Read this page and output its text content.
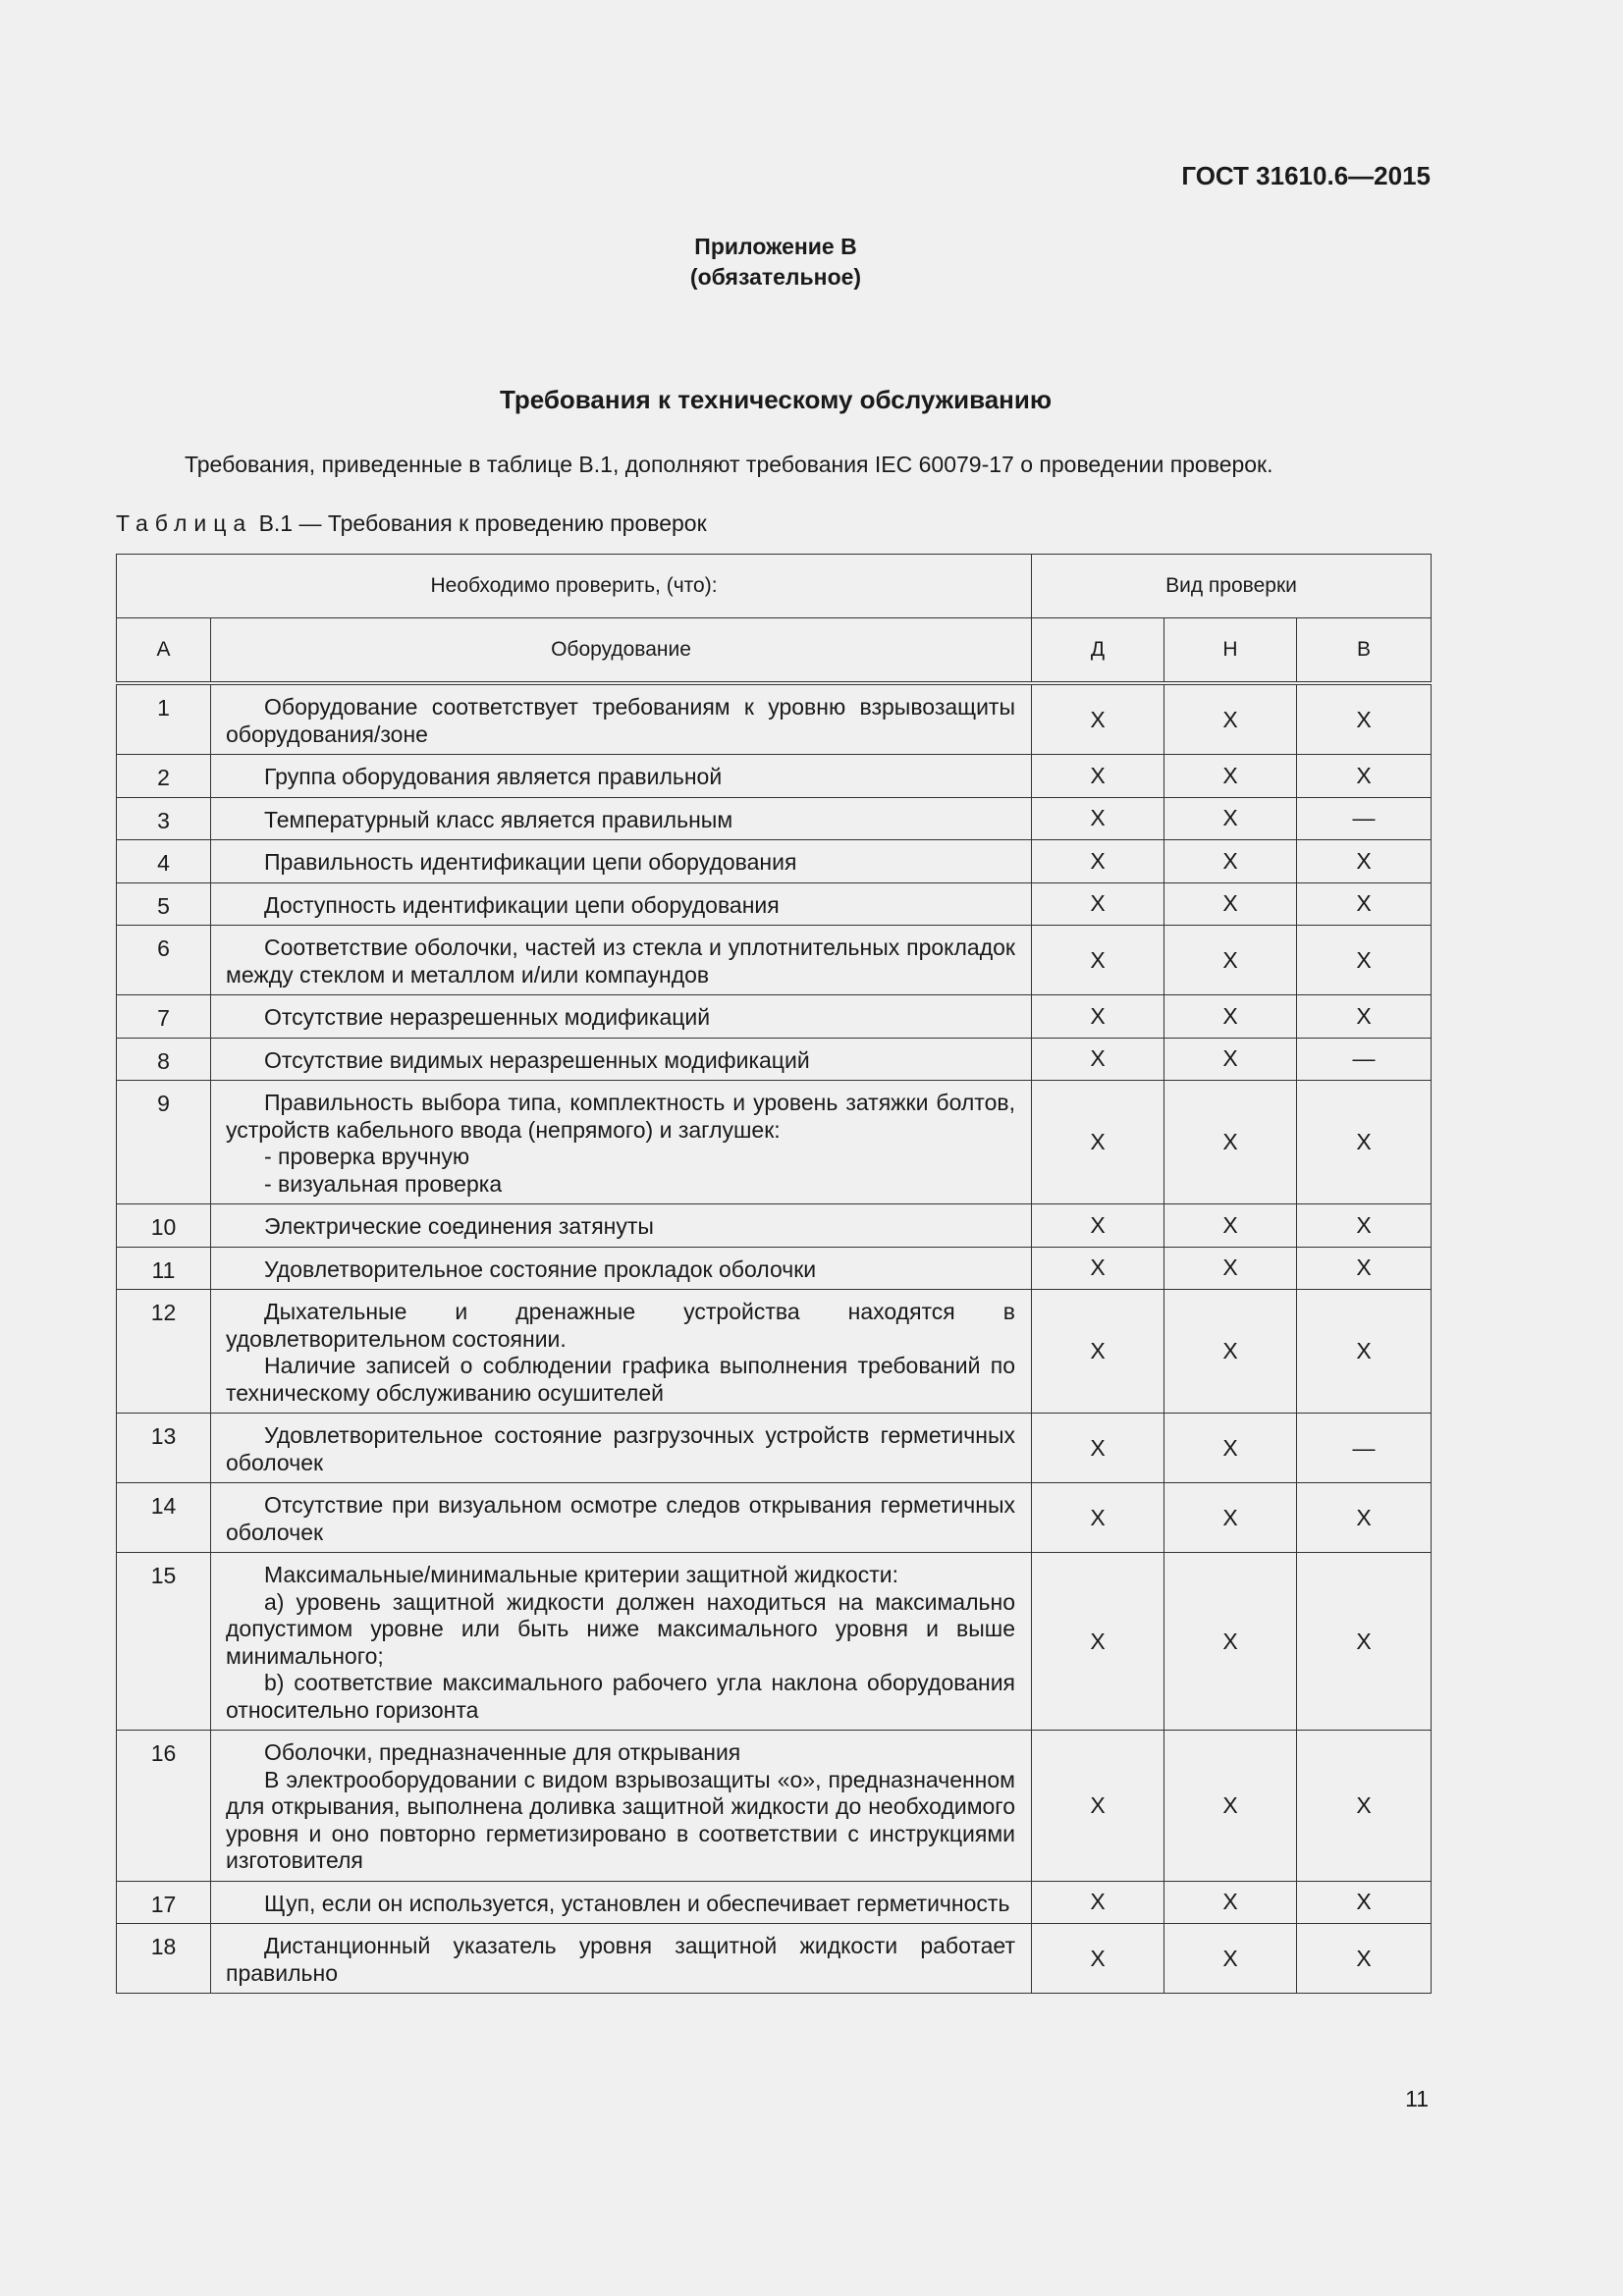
ГОСТ 31610.6—2015
Приложение В
(обязательное)
Требования к техническому обслуживанию
Требования, приведенные в таблице В.1, дополняют требования IEC 60079-17 о проведении проверок.
Таблица В.1 — Требования к проведению проверок
Необходимо проверить, (что):		Вид проверки		
А	Оборудование	Д	Н	В
1	Оборудование соответствует требованиям к уровню взрывозащиты оборудования/зоне	X	X	X
2	Группа оборудования является правильной	X	X	X
3	Температурный класс является правильным	X	X	—
4	Правильность идентификации цепи оборудования	X	X	X
5	Доступность идентификации цепи оборудования	X	X	X
6	Соответствие оболочки, частей из стекла и уплотнительных прокладок между стеклом и металлом и/или компаундов	X	X	X
7	Отсутствие неразрешенных модификаций	X	X	X
8	Отсутствие видимых неразрешенных модификаций	X	X	—
9	Правильность выбора типа, комплектность и уровень затяжки болтов, устройств кабельного ввода (непрямого) и заглушек:
- проверка вручную
- визуальная проверка	X	X	X
10	Электрические соединения затянуты	X	X	X
11	Удовлетворительное состояние прокладок оболочки	X	X	X
12	Дыхательные и дренажные устройства находятся в удовлетворительном состоянии.
Наличие записей о соблюдении графика выполнения требований по техническому обслуживанию осушителей	X	X	X
13	Удовлетворительное состояние разгрузочных устройств герметичных оболочек	X	X	—
14	Отсутствие при визуальном осмотре следов открывания герметичных оболочек	X	X	X
15	Максимальные/минимальные критерии защитной жидкости:
a) уровень защитной жидкости должен находиться на максимально допустимом уровне или быть ниже максимального уровня и выше минимального;
b) соответствие максимального рабочего угла наклона оборудования относительно горизонта	X	X	X
16	Оболочки, предназначенные для открывания
В электрооборудовании с видом взрывозащиты «о», предназначенном для открывания, выполнена доливка защитной жидкости до необходимого уровня и оно повторно герметизировано в соответствии с инструкциями изготовителя	X	X	X
17	Щуп, если он используется, установлен и обеспечивает герметичность	X	X	X
18	Дистанционный указатель уровня защитной жидкости работает правильно	X	X	X
11
